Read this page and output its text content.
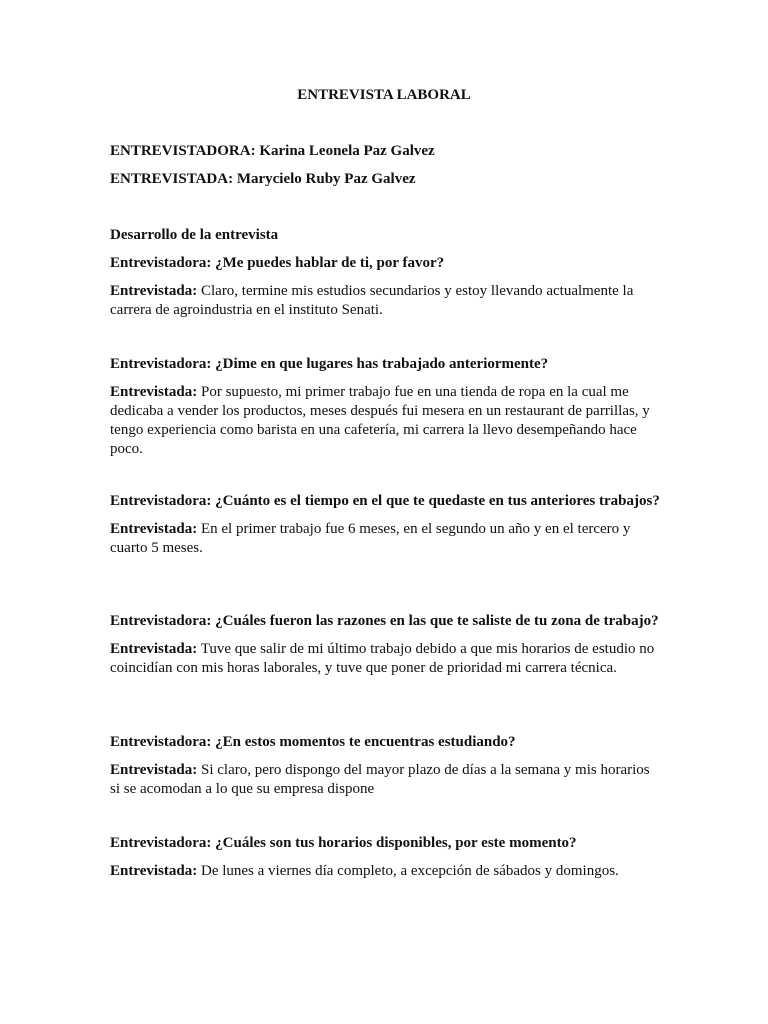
ENTREVISTA LABORAL
ENTREVISTADORA: Karina Leonela Paz Galvez
ENTREVISTADA: Marycielo Ruby Paz Galvez
Desarrollo de la entrevista

Entrevistadora: ¿Me puedes hablar de ti, por favor?

Entrevistada: Claro, termine mis estudios secundarios y estoy llevando actualmente la carrera de agroindustria en el instituto Senati.

Entrevistadora: ¿Dime en que lugares has trabajado anteriormente?

Entrevistada: Por supuesto, mi primer trabajo fue en una tienda de ropa en la cual me dedicaba a vender los productos, meses después fui mesera en un restaurant de parrillas, y tengo experiencia como barista en una cafetería, mi carrera la llevo desempeñando hace poco.

Entrevistadora: ¿Cuánto es el tiempo en el que te quedaste en tus anteriores trabajos?

Entrevistada: En el primer trabajo fue 6 meses, en el segundo un año y en el tercero y cuarto 5 meses.

Entrevistadora: ¿Cuáles fueron las razones en las que te saliste de tu zona de trabajo?

Entrevistada: Tuve que salir de mi último trabajo debido a que mis horarios de estudio no coincidían con mis horas laborales, y tuve que poner de prioridad mi carrera técnica.

Entrevistadora: ¿En estos momentos te encuentras estudiando?

Entrevistada: Si claro, pero dispongo del mayor plazo de días a la semana y mis horarios si se acomodan a lo que su empresa dispone

Entrevistadora: ¿Cuáles son tus horarios disponibles, por este momento?

Entrevistada: De lunes a viernes día completo, a excepción de sábados y domingos.
